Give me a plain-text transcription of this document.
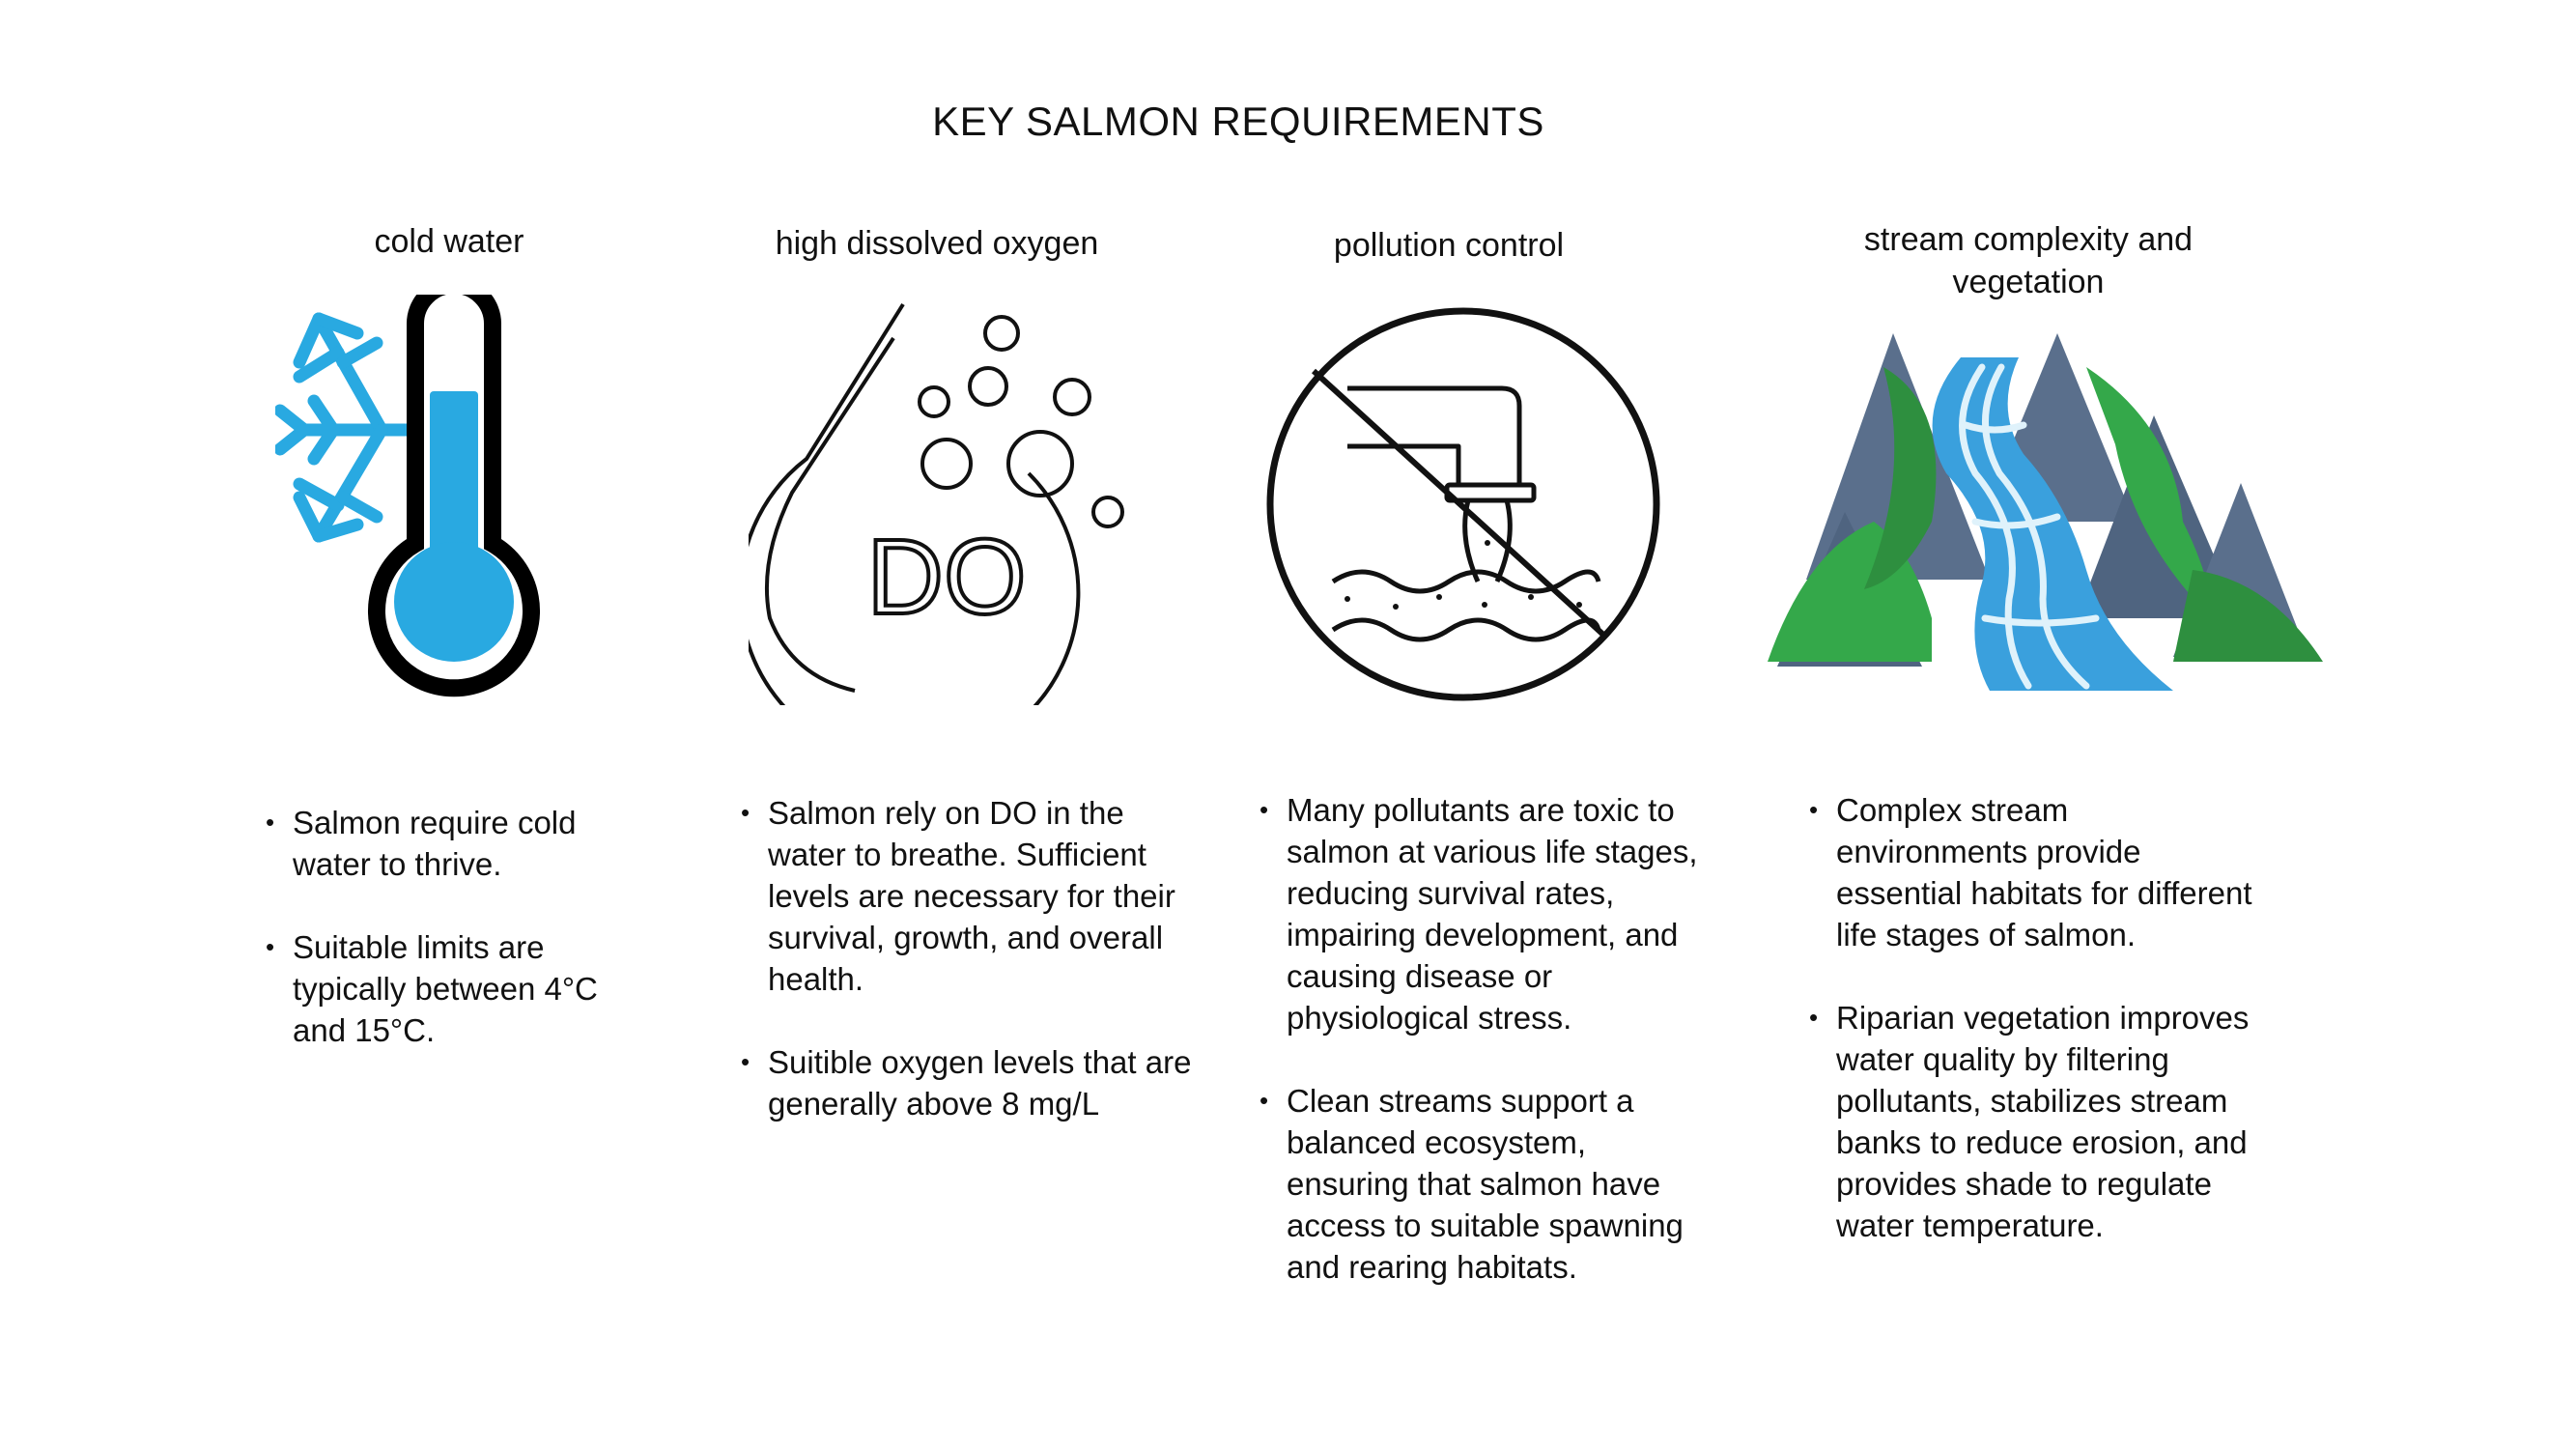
KEY SALMON REQUIREMENTS
cold water	high dissolved oxygen	pollution control	stream complexity and vegetation
DO
• Salmon require cold water to thrive.
• Suitable limits are typically between 4°C and 15°C.
• Salmon rely on DO in the water to breathe. Sufficient levels are necessary for their survival, growth, and overall health.
• Suitible oxygen levels that are generally above 8 mg/L
• Many pollutants are toxic to salmon at various life stages, reducing survival rates, impairing development, and causing disease or physiological stress.
• Clean streams support a balanced ecosystem, ensuring that salmon have access to suitable spawning and rearing habitats.
• Complex stream environments provide essential habitats for different life stages of salmon.
• Riparian vegetation improves water quality by filtering pollutants, stabilizes stream banks to reduce erosion, and provides shade to regulate water temperature.
